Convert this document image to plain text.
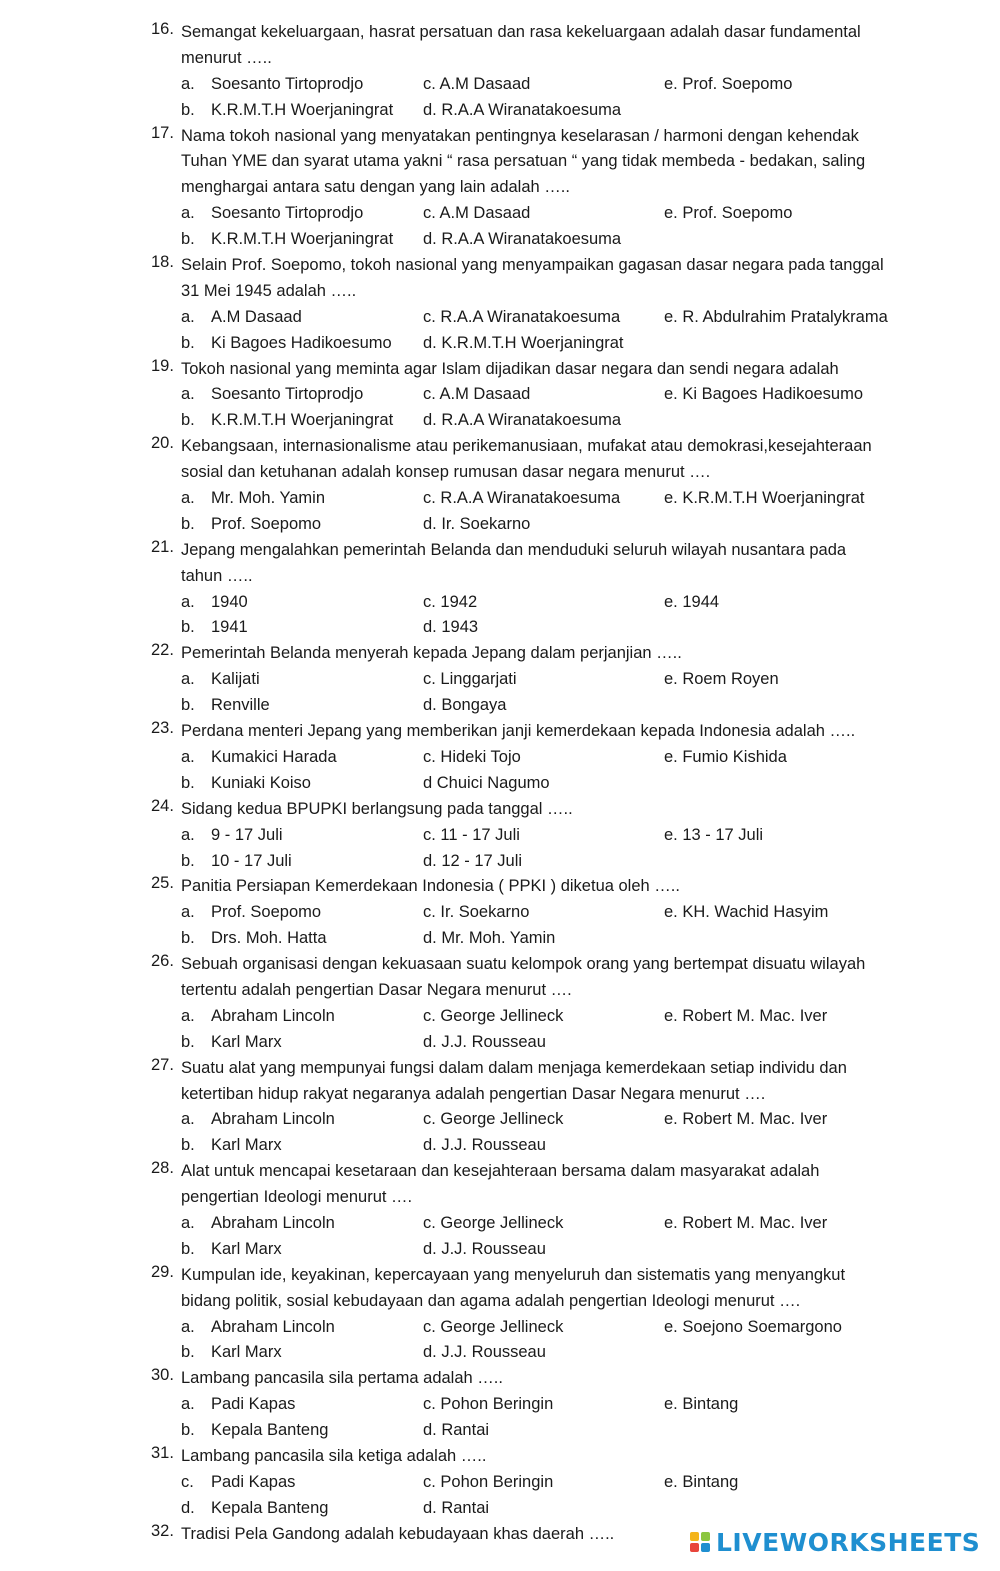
16. Semangat kekeluargaan, hasrat persatuan dan rasa kekeluargaan adalah dasar fundamental
menurut …..
a. Soesanto Tirtoprodjo	c. A.M Dasaad	e. Prof. Soepomo
b. K.R.M.T.H Woerjaningrat d. R.A.A Wiranatakoesuma
17. Nama tokoh nasional yang menyatakan pentingnya keselarasan / harmoni dengan kehendak
Tuhan YME dan syarat utama yakni “ rasa persatuan “ yang tidak membeda - bedakan, saling
menghargai antara satu dengan yang lain adalah …..
a. Soesanto Tirtoprodjo	c. A.M Dasaad	e. Prof. Soepomo
b. K.R.M.T.H Woerjaningrat d. R.A.A Wiranatakoesuma
18. Selain Prof. Soepomo, tokoh nasional yang menyampaikan gagasan dasar negara pada tanggal
31 Mei 1945 adalah …..
a. A.M Dasaad	c. R.A.A Wiranatakoesuma	e. R. Abdulrahim Pratalykrama
b. Ki Bagoes Hadikoesumo d. K.R.M.T.H Woerjaningrat
19. Tokoh nasional yang meminta agar Islam dijadikan dasar negara dan sendi negara adalah
a. Soesanto Tirtoprodjo	c. A.M Dasaad	e. Ki Bagoes Hadikoesumo
b. K.R.M.T.H Woerjaningrat d. R.A.A Wiranatakoesuma
20. Kebangsaan, internasionalisme atau perikemanusiaan, mufakat atau demokrasi,kesejahteraan
sosial dan ketuhanan adalah konsep rumusan dasar negara menurut ….
a. Mr. Moh. Yamin	c. R.A.A Wiranatakoesuma	e. K.R.M.T.H Woerjaningrat
b. Prof. Soepomo	d. Ir. Soekarno
21. Jepang mengalahkan pemerintah Belanda dan menduduki seluruh wilayah nusantara pada
tahun …..
a. 1940	c. 1942	e. 1944
b. 1941	d. 1943
22. Pemerintah Belanda menyerah kepada Jepang dalam perjanjian …..
a. Kalijati	c. Linggarjati	e. Roem Royen
b. Renville	d. Bongaya
23. Perdana menteri Jepang yang memberikan janji kemerdekaan kepada Indonesia adalah …..
a. Kumakici Harada	c. Hideki Tojo	e. Fumio Kishida
b. Kuniaki Koiso	d Chuici Nagumo
24. Sidang kedua BPUPKI berlangsung pada tanggal …..
a. 9 - 17 Juli	c. 11 - 17 Juli	e. 13 - 17 Juli
b. 10 - 17 Juli	d. 12 - 17 Juli
25. Panitia Persiapan Kemerdekaan Indonesia ( PPKI ) diketua oleh …..
a. Prof. Soepomo	c. Ir. Soekarno	e. KH. Wachid Hasyim
b. Drs. Moh. Hatta	d. Mr. Moh. Yamin
26. Sebuah organisasi dengan kekuasaan suatu kelompok orang yang bertempat disuatu wilayah
tertentu adalah pengertian Dasar Negara menurut ….
a. Abraham Lincoln	c. George Jellineck	e. Robert M. Mac. Iver
b. Karl Marx	d. J.J. Rousseau
27. Suatu alat yang mempunyai fungsi dalam dalam menjaga kemerdekaan setiap individu dan
ketertiban hidup rakyat negaranya adalah pengertian Dasar Negara menurut ….
a. Abraham Lincoln	c. George Jellineck	e. Robert M. Mac. Iver
b. Karl Marx	d. J.J. Rousseau
28. Alat untuk mencapai kesetaraan dan kesejahteraan bersama dalam masyarakat adalah
pengertian Ideologi menurut ….
a. Abraham Lincoln	c. George Jellineck	e. Robert M. Mac. Iver
b. Karl Marx	d. J.J. Rousseau
29. Kumpulan ide, keyakinan, kepercayaan yang menyeluruh dan sistematis yang menyangkut
bidang politik, sosial kebudayaan dan agama adalah pengertian Ideologi menurut ….
a. Abraham Lincoln	c. George Jellineck	e. Soejono Soemargono
b. Karl Marx	d. J.J. Rousseau
30. Lambang pancasila sila pertama adalah …..
a. Padi Kapas	c. Pohon Beringin	e. Bintang
b. Kepala Banteng	d. Rantai
31. Lambang pancasila sila ketiga adalah …..
c. Padi Kapas	c. Pohon Beringin	e. Bintang
d. Kepala Banteng	d. Rantai
32. Tradisi Pela Gandong adalah kebudayaan khas daerah …..	LIVEWORKSHEETS
